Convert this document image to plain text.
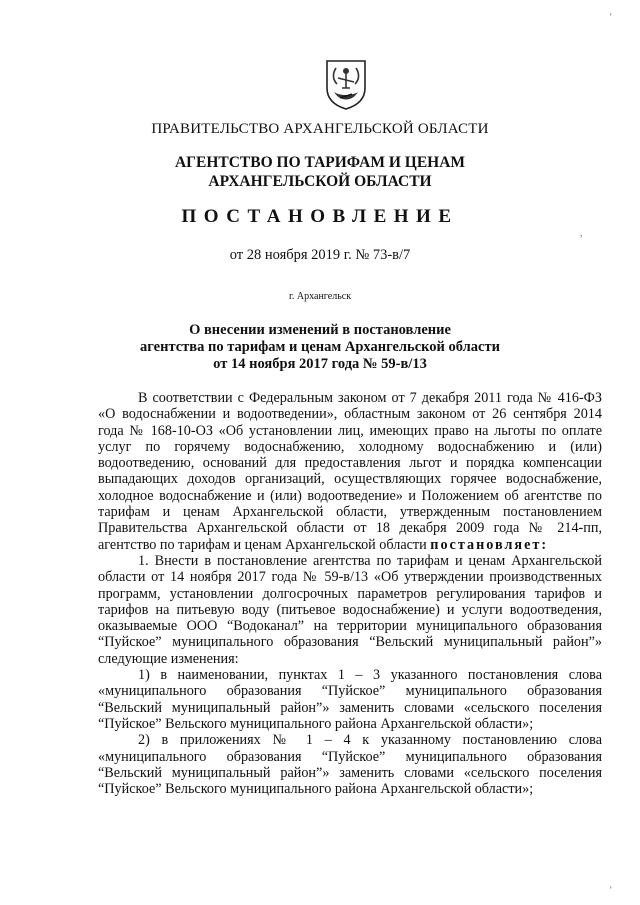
ПРАВИТЕЛЬСТВО АРХАНГЕЛЬСКОЙ ОБЛАСТИ
АГЕНТСТВО ПО ТАРИФАМ И ЦЕНАМ
АРХАНГЕЛЬСКОЙ ОБЛАСТИ
ПОСТАНОВЛЕНИЕ
от 28 ноября 2019 г. № 73-в/7
г. Архангельск
О внесении изменений в постановление
агентства по тарифам и ценам Архангельской области
от 14 ноября 2017 года № 59-в/13

В соответствии с Федеральным законом от 7 декабря 2011 года № 416-ФЗ «О водоснабжении и водоотведении», областным законом от 26 сентября 2014 года № 168-10-ОЗ «Об установлении лиц, имеющих право на льготы по оплате услуг по горячему водоснабжению, холодному водоснабжению и (или) водоотведению, оснований для предоставления льгот и порядка компенсации выпадающих доходов организаций, осуществляющих горячее водоснабжение, холодное водоснабжение и (или) водоотведение» и Положением об агентстве по тарифам и ценам Архангельской области, утвержденным постановлением Правительства Архангельской области от 18 декабря 2009 года № 214-пп, агентство по тарифам и ценам Архангельской области постановляет:

1. Внести в постановление агентства по тарифам и ценам Архангельской области от 14 ноября 2017 года № 59-в/13 «Об утверждении производственных программ, установлении долгосрочных параметров регулирования тарифов и тарифов на питьевую воду (питьевое водоснабжение) и услуги водоотведения, оказываемые ООО “Водоканал” на территории муниципального образования “Пуйское” муниципального образования “Вельский муниципальный район”» следующие изменения:

1) в наименовании, пунктах 1 – 3 указанного постановления слова «муниципального образования “Пуйское” муниципального образования “Вельский муниципальный район”» заменить словами «сельского поселения “Пуйское” Вельского муниципального района Архангельской области»;

2) в приложениях № 1 – 4 к указанному постановлению слова «муниципального образования “Пуйское” муниципального образования “Вельский муниципальный район”» заменить словами «сельского поселения “Пуйское” Вельского муниципального района Архангельской области»;

'
,
'
